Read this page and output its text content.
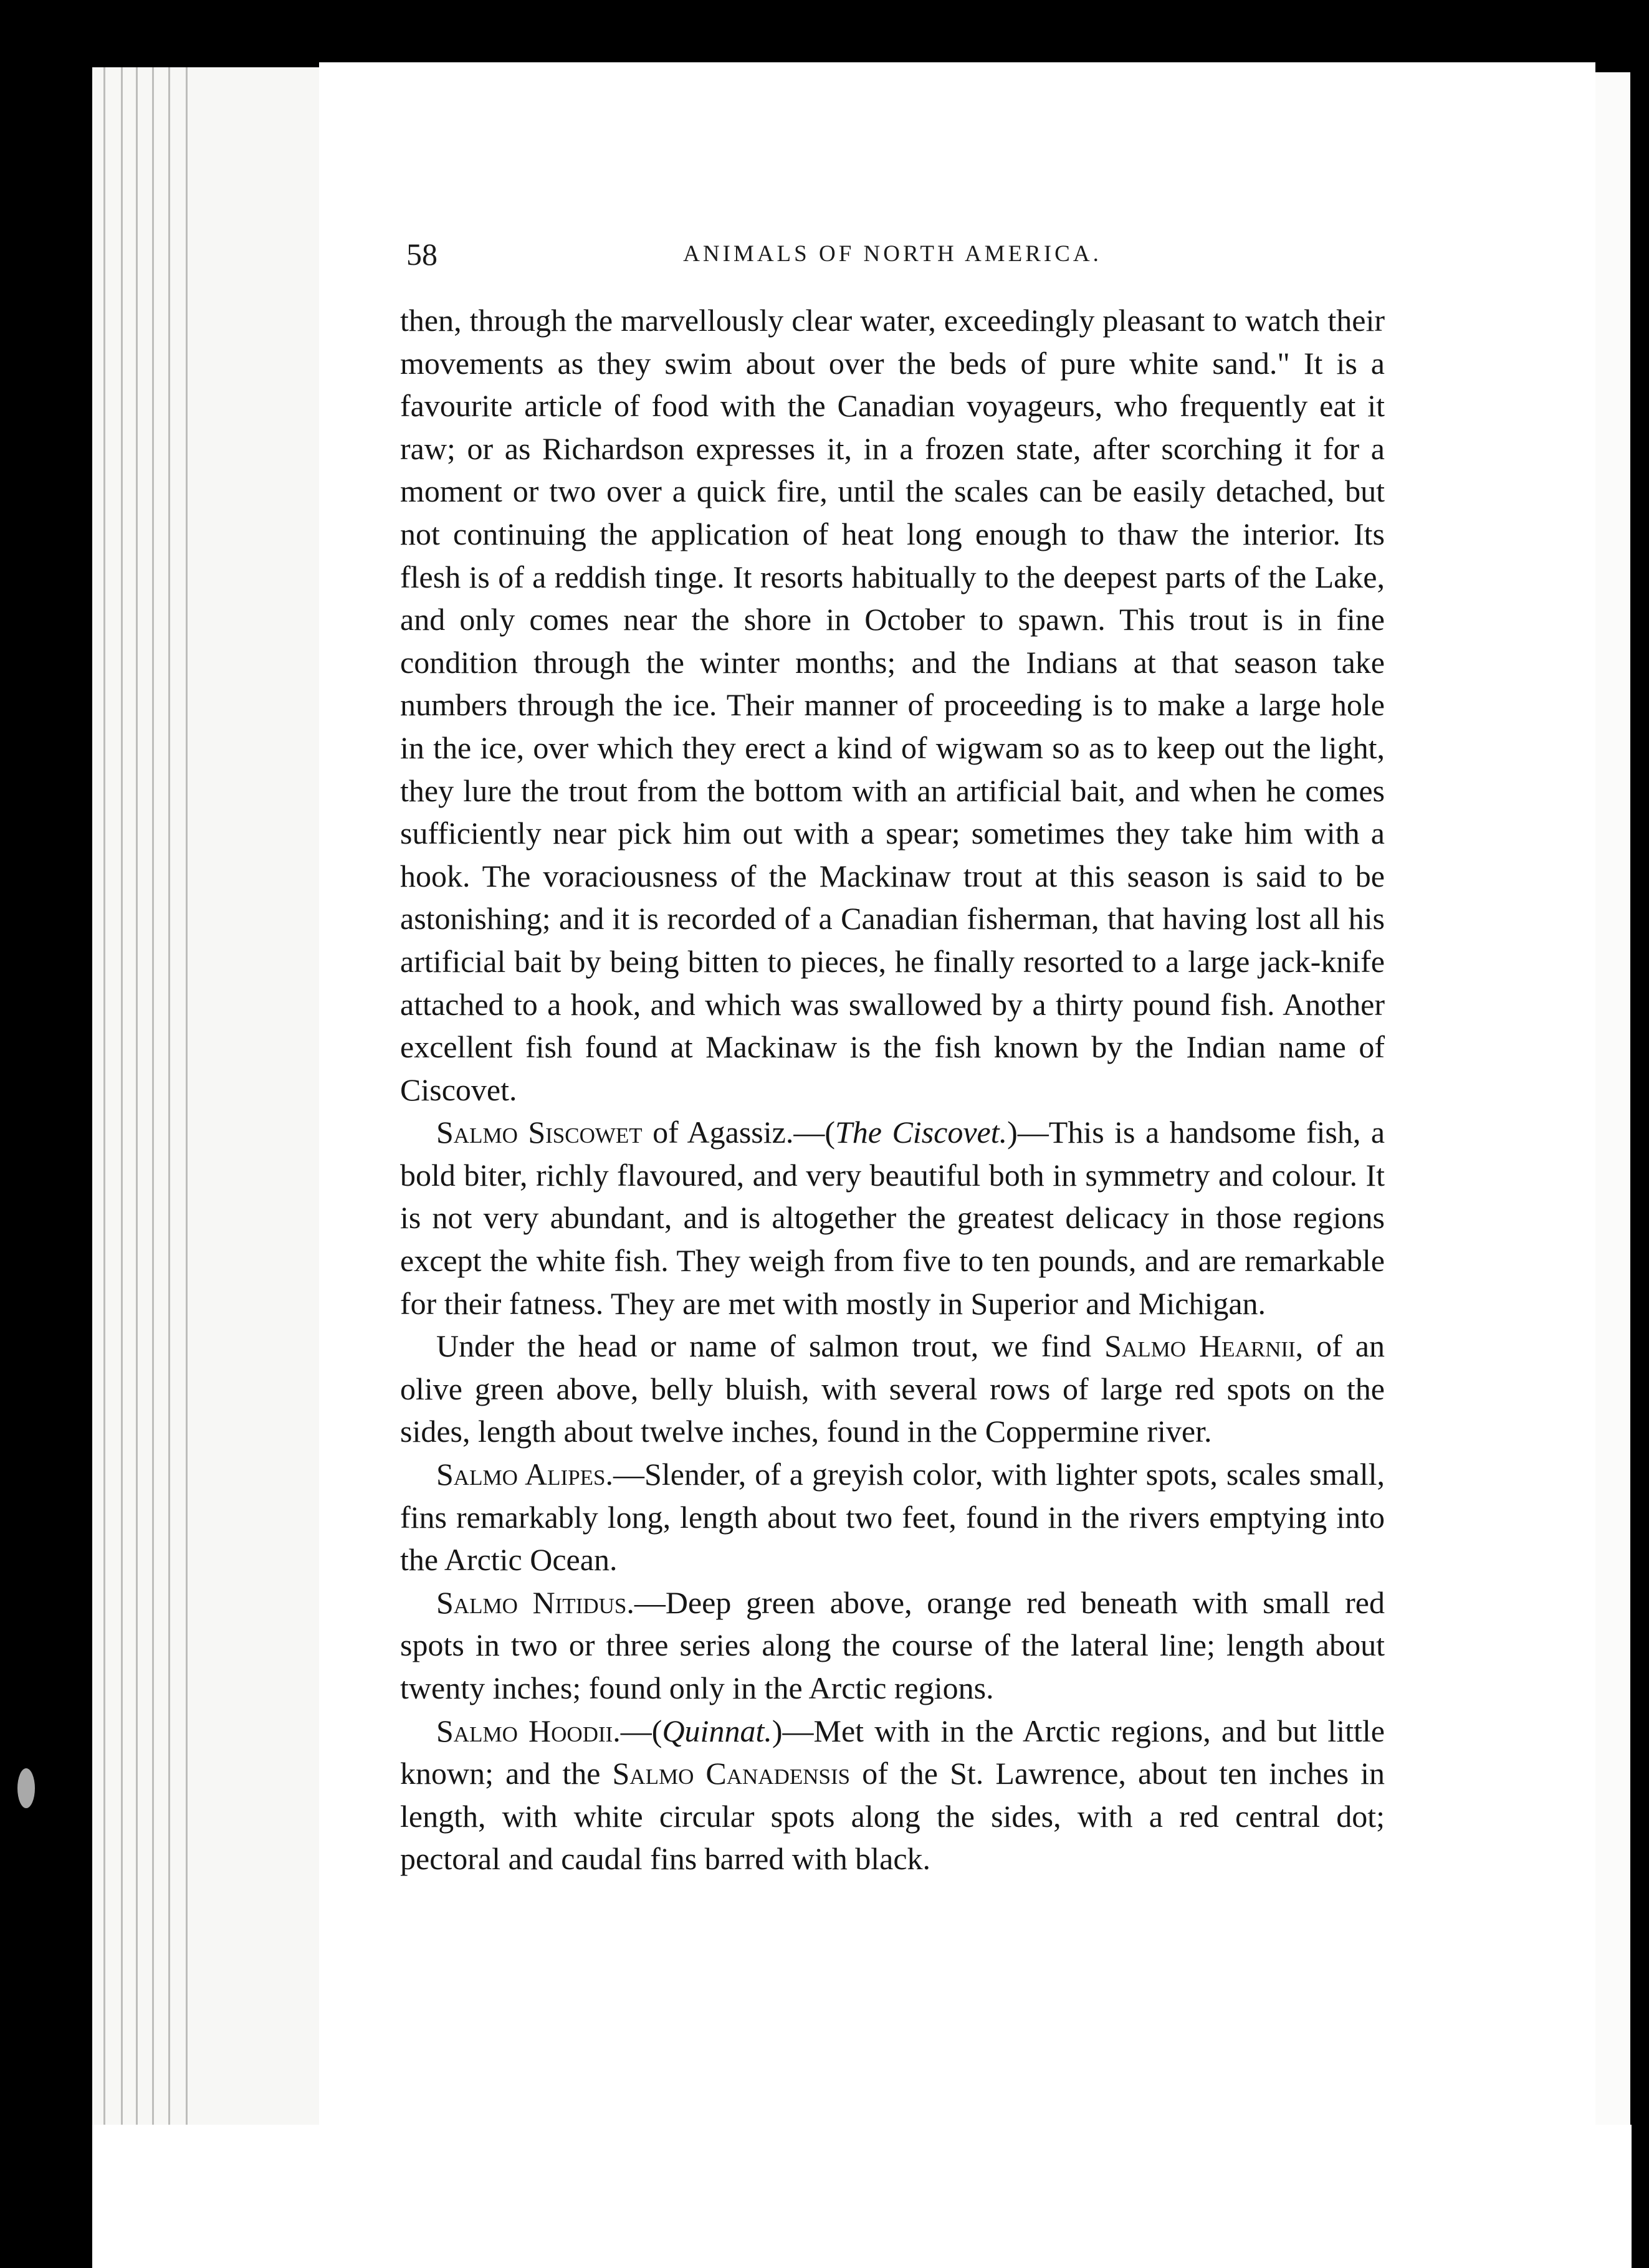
58	ANIMALS OF NORTH AMERICA.

then, through the marvellously clear water, exceedingly pleasant to watch their movements as they swim about over the beds of pure white sand." It is a favourite article of food with the Canadian voyageurs, who frequently eat it raw; or as Richardson expresses it, in a frozen state, after scorching it for a moment or two over a quick fire, until the scales can be easily detached, but not continuing the application of heat long enough to thaw the interior. Its flesh is of a reddish tinge. It resorts habitually to the deepest parts of the Lake, and only comes near the shore in October to spawn. This trout is in fine condition through the winter months; and the Indians at that season take numbers through the ice. Their manner of proceeding is to make a large hole in the ice, over which they erect a kind of wigwam so as to keep out the light, they lure the trout from the bottom with an artificial bait, and when he comes sufficiently near pick him out with a spear; sometimes they take him with a hook. The voraciousness of the Mackinaw trout at this season is said to be astonishing; and it is recorded of a Canadian fisherman, that having lost all his artificial bait by being bitten to pieces, he finally resorted to a large jack-knife attached to a hook, and which was swallowed by a thirty pound fish. Another excellent fish found at Mackinaw is the fish known by the Indian name of Ciscovet.

Salmo Siscowet of Agassiz.—(The Ciscovet.)—This is a handsome fish, a bold biter, richly flavoured, and very beautiful both in symmetry and colour. It is not very abundant, and is altogether the greatest delicacy in those regions except the white fish. They weigh from five to ten pounds, and are remarkable for their fatness. They are met with mostly in Superior and Michigan.

Under the head or name of salmon trout, we find Salmo Hearnii, of an olive green above, belly bluish, with several rows of large red spots on the sides, length about twelve inches, found in the Coppermine river.

Salmo Alipes.—Slender, of a greyish color, with lighter spots, scales small, fins remarkably long, length about two feet, found in the rivers emptying into the Arctic Ocean.

Salmo Nitidus.—Deep green above, orange red beneath with small red spots in two or three series along the course of the lateral line; length about twenty inches; found only in the Arctic regions.

Salmo Hoodii.—(Quinnat.)—Met with in the Arctic regions, and but little known; and the Salmo Canadensis of the St. Lawrence, about ten inches in length, with white circular spots along the sides, with a red central dot; pectoral and caudal fins barred with black.
